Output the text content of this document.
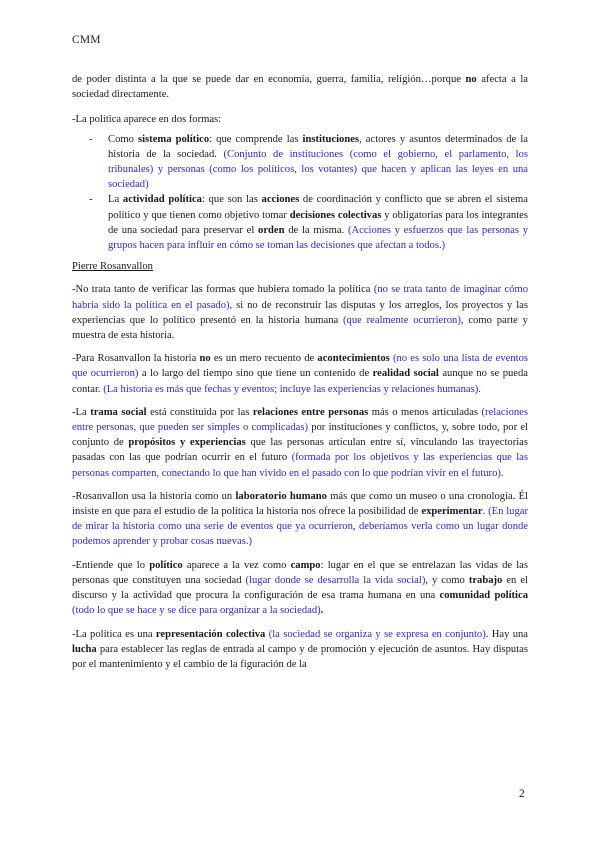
CMM

de poder distinta a la que se puede dar en economía, guerra, familia, religión…porque no afecta a la sociedad directamente.

-La política aparece en dos formas:

- Como sistema político: que comprende las instituciones, actores y asuntos determinados de la historia de la sociedad. (Conjunto de instituciones (como el gobierno, el parlamento, los tribunales) y personas (como los políticos, los votantes) que hacen y aplican las leyes en una sociedad)
- La actividad política: que son las acciones de coordinación y conflicto que se abren el sistema político y que tienen como objetivo tomar decisiones colectivas y obligatorias para los integrantes de una sociedad para preservar el orden de la misma. (Acciones y esfuerzos que las personas y grupos hacen para influir en cómo se toman las decisiones que afectan a todos.)

Pierre Rosanvallon

-No trata tanto de verificar las formas que hubiera tomado la política (no se trata tanto de imaginar cómo habría sido la política en el pasado), si no de reconstruir las disputas y los arreglos, los proyectos y las experiencias que lo político presentó en la historia humana (que realmente ocurrieron), como parte y muestra de esta historia.

-Para Rosanvallon la historia no es un mero recuento de acontecimientos (no es solo una lista de eventos que ocurrieron) a lo largo del tiempo sino que tiene un contenido de realidad social aunque no se pueda contar. (La historia es más que fechas y eventos; incluye las experiencias y relaciones humanas).

-La trama social está constituida por las relaciones entre personas más o menos articuladas (relaciones entre personas, que pueden ser simples o complicadas) por instituciones y conflictos, y, sobre todo, por el conjunto de propósitos y experiencias que las personas articulan entre sí, vinculando las trayectorias pasadas con las que podrían ocurrir en el futuro (formada por los objetivos y las experiencias que las personas comparten, conectando lo que han vivido en el pasado con lo que podrían vivir en el futuro).

-Rosanvallon usa la historia como un laboratorio humano más que como un museo o una cronología. Él insiste en que para el estudio de la política la historia nos ofrece la posibilidad de experimentar. (En lugar de mirar la historia como una serie de eventos que ya ocurrieron, deberíamos verla como un lugar donde podemos aprender y probar cosas nuevas.)

-Entiende que lo político aparece a la vez como campo: lugar en el que se entrelazan las vidas de las personas que constituyen una sociedad (lugar donde se desarrolla la vida social), y como trabajo en el discurso y la actividad que procura la configuración de esa trama humana en una comunidad política (todo lo que se hace y se dice para organizar a la sociedad).

-La política es una representación colectiva (la sociedad se organiza y se expresa en conjunto). Hay una lucha para establecer las reglas de entrada al campo y de promoción y ejecución de asuntos. Hay disputas por el mantenimiento y el cambio de la figuración de la

2
